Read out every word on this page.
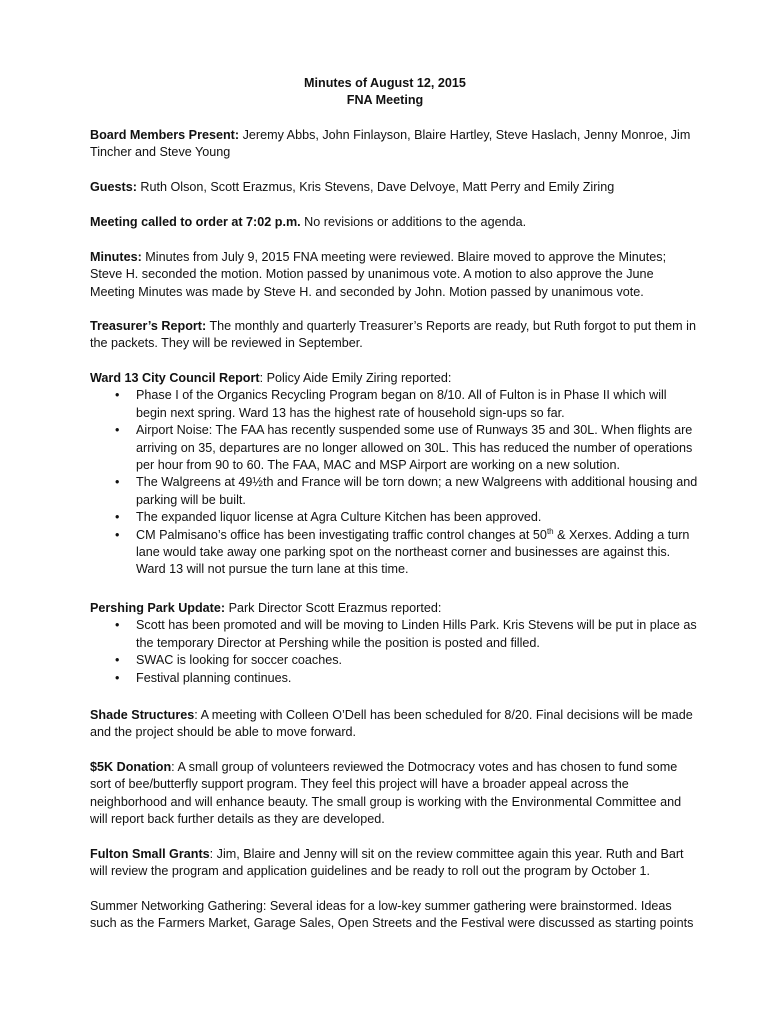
Minutes of August 12, 2015
FNA Meeting

Board Members Present: Jeremy Abbs, John Finlayson, Blaire Hartley, Steve Haslach, Jenny Monroe, Jim Tincher and Steve Young

Guests: Ruth Olson, Scott Erazmus, Kris Stevens, Dave Delvoye, Matt Perry and Emily Ziring

Meeting called to order at 7:02 p.m. No revisions or additions to the agenda.

Minutes: Minutes from July 9, 2015 FNA meeting were reviewed. Blaire moved to approve the Minutes; Steve H. seconded the motion. Motion passed by unanimous vote. A motion to also approve the June Meeting Minutes was made by Steve H. and seconded by John. Motion passed by unanimous vote.

Treasurer’s Report: The monthly and quarterly Treasurer’s Reports are ready, but Ruth forgot to put them in the packets. They will be reviewed in September.

Ward 13 City Council Report: Policy Aide Emily Ziring reported:
• Phase I of the Organics Recycling Program began on 8/10. All of Fulton is in Phase II which will begin next spring. Ward 13 has the highest rate of household sign-ups so far.
• Airport Noise: The FAA has recently suspended some use of Runways 35 and 30L. When flights are arriving on 35, departures are no longer allowed on 30L. This has reduced the number of operations per hour from 90 to 60. The FAA, MAC and MSP Airport are working on a new solution.
• The Walgreens at 49½th and France will be torn down; a new Walgreens with additional housing and parking will be built.
• The expanded liquor license at Agra Culture Kitchen has been approved.
• CM Palmisano’s office has been investigating traffic control changes at 50th & Xerxes. Adding a turn lane would take away one parking spot on the northeast corner and businesses are against this. Ward 13 will not pursue the turn lane at this time.
Pershing Park Update: Park Director Scott Erazmus reported:
• Scott has been promoted and will be moving to Linden Hills Park. Kris Stevens will be put in place as the temporary Director at Pershing while the position is posted and filled.
• SWAC is looking for soccer coaches.
• Festival planning continues.

Shade Structures: A meeting with Colleen O’Dell has been scheduled for 8/20. Final decisions will be made and the project should be able to move forward.

$5K Donation: A small group of volunteers reviewed the Dotmocracy votes and has chosen to fund some sort of bee/butterfly support program. They feel this project will have a broader appeal across the neighborhood and will enhance beauty. The small group is working with the Environmental Committee and will report back further details as they are developed.

Fulton Small Grants: Jim, Blaire and Jenny will sit on the review committee again this year. Ruth and Bart will review the program and application guidelines and be ready to roll out the program by October 1.

Summer Networking Gathering: Several ideas for a low-key summer gathering were brainstormed. Ideas such as the Farmers Market, Garage Sales, Open Streets and the Festival were discussed as starting points
